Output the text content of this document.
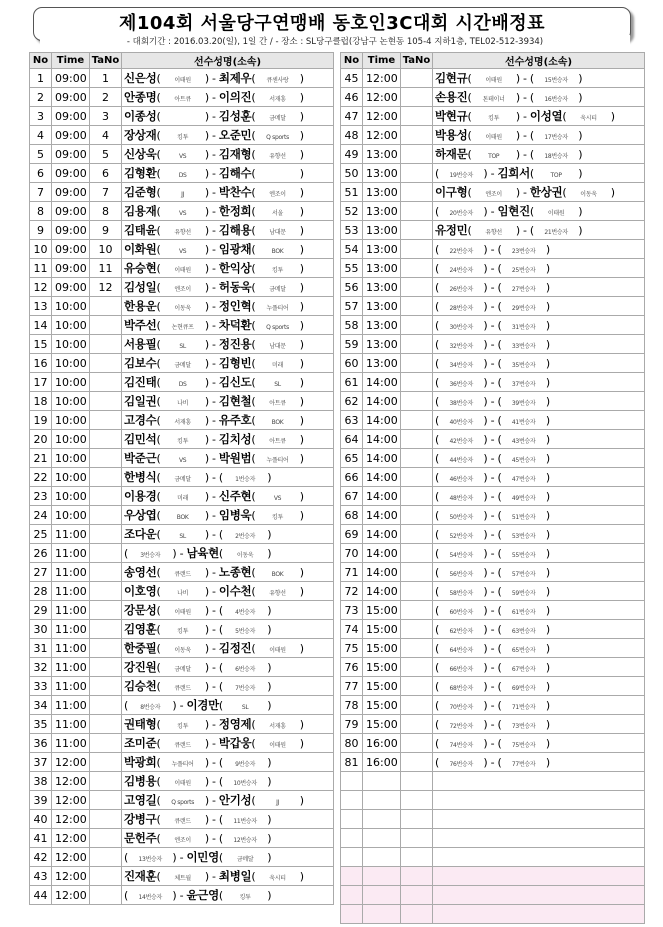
제104회 서울당구연맹배 동호인3C대회 시간배정표
- 대회기간 : 2016.03.20(일), 1일 간 / - 장소 : SL당구클럽(강남구 논현동 105-4 지하1층, TEL02-512-3934)
No	Time	TaNo	선수성명(소속)
1	09:00	1	신은성( 이태원 ) - 최제우( 큐센사랑 )
2	09:00	2	안종명( 아트큐 ) - 이의진( 서재흥 )
3	09:00	3	이종성( ) - 김성훈( 금메달 )
4	09:00	4	장상재( 킹투 ) - 오준민( Q sports )
5	09:00	5	신상욱( VS ) - 김재형( 유향선 )
6	09:00	6	김형환( DS ) - 김해수( )
7	09:00	7	김준형( JJ ) - 박찬수( 엔조이 )
8	09:00	8	김용재( VS ) - 한정희( 서울 )
9	09:00	9	김태윤( 유향선 ) - 김해용( 남대문 )
10	09:00	10	이화원( VS ) - 임광채( BOK )
11	09:00	11	유승현( 이태원 ) - 한익상( 킹투 )
12	09:00	12	김성일( 엔조이 ) - 허동욱( 금메달 )
13	10:00		한용운( 이동욱 ) - 정인혁( 누플티어 )
14	10:00		박주선( 논현큐프 ) - 차덕환( Q sports )
15	10:00		서용필( SL ) - 정진용( 남대문 )
16	10:00		김보수( 금메달 ) - 김형빈( 미래 )
17	10:00		김진태( DS ) - 김신도( SL )
18	10:00		김일권( 나비 ) - 김현철( 아트큐 )
19	10:00		고경수( 서재흥 ) - 유주호( BOK )
20	10:00		김민석( 킹투 ) - 김치성( 아트큐 )
21	10:00		박준근( VS ) - 박원범( 누플티어 )
22	10:00		한병식( 금메달 ) - ( 1번승자 )
23	10:00		이용경( 미래 ) - 신주현( VS )
24	10:00		우상엽( BOK ) - 임병욱( 킹투 )
25	11:00		조다운( SL ) - ( 2번승자 )
26	11:00		( 3번승자 ) - 남육현( 이동욱 )
27	11:00		송영선( 큐랜드 ) - 노종현( BOK )
28	11:00		이호영( 나비 ) - 이수천( 유향선 )
29	11:00		강문성( 이태원 ) - ( 4번승자 )
30	11:00		김영훈( 킹투 ) - ( 5번승자 )
31	11:00		한중필( 이동욱 ) - 김정진( 이태원 )
32	11:00		강진원( 금메달 ) - ( 6번승자 )
33	11:00		김승천( 큐랜드 ) - ( 7번승자 )
34	11:00		( 8번승자 ) - 이경만( SL )
35	11:00		권태형( 킹투 ) - 정영제( 서재흥 )
36	11:00		조미준( 큐랜드 ) - 박갑웅( 이태원 )
37	12:00		박광희( 누플티어 ) - ( 9번승자 )
38	12:00		김병용( 이태원 ) - ( 10번승자 )
39	12:00		고영길( Q sports ) - 안기성( JJ )
40	12:00		강병구( 큐랜드 ) - ( 11번승자 )
41	12:00		문헌주( 엔조이 ) - ( 12번승자 )
42	12:00		( 13번승자 ) - 이민영( 금메달 )
43	12:00		진재훈( 체트월 ) - 최병일( 욱시티 )
44	12:00		( 14번승자 ) - 윤근영( 킹투 )
No	Time	TaNo	선수성명(소속)
45	12:00		김현규( 이태원 ) - ( 15번승자 )
46	12:00		손용진( 톤테이너 ) - ( 16번승자 )
47	12:00		박현규( 킹투 ) - 이성열( 욱시티 )
48	12:00		박용성( 이태원 ) - ( 17번승자 )
49	13:00		하재문( TOP ) - ( 18번승자 )
50	13:00		( 19번승자 ) - 김희서( TOP )
51	13:00		이구형( 엔조이 ) - 한상권( 이동욱 )
52	13:00		( 20번승자 ) - 임현진( 이태원 )
53	13:00		유정민( 유향선 ) - ( 21번승자 )
54	13:00		( 22번승자 ) - ( 23번승자 )
55	13:00		( 24번승자 ) - ( 25번승자 )
56	13:00		( 26번승자 ) - ( 27번승자 )
57	13:00		( 28번승자 ) - ( 29번승자 )
58	13:00		( 30번승자 ) - ( 31번승자 )
59	13:00		( 32번승자 ) - ( 33번승자 )
60	13:00		( 34번승자 ) - ( 35번승자 )
61	14:00		( 36번승자 ) - ( 37번승자 )
62	14:00		( 38번승자 ) - ( 39번승자 )
63	14:00		( 40번승자 ) - ( 41번승자 )
64	14:00		( 42번승자 ) - ( 43번승자 )
65	14:00		( 44번승자 ) - ( 45번승자 )
66	14:00		( 46번승자 ) - ( 47번승자 )
67	14:00		( 48번승자 ) - ( 49번승자 )
68	14:00		( 50번승자 ) - ( 51번승자 )
69	14:00		( 52번승자 ) - ( 53번승자 )
70	14:00		( 54번승자 ) - ( 55번승자 )
71	14:00		( 56번승자 ) - ( 57번승자 )
72	14:00		( 58번승자 ) - ( 59번승자 )
73	15:00		( 60번승자 ) - ( 61번승자 )
74	15:00		( 62번승자 ) - ( 63번승자 )
75	15:00		( 64번승자 ) - ( 65번승자 )
76	15:00		( 66번승자 ) - ( 67번승자 )
77	15:00		( 68번승자 ) - ( 69번승자 )
78	15:00		( 70번승자 ) - ( 71번승자 )
79	15:00		( 72번승자 ) - ( 73번승자 )
80	16:00		( 74번승자 ) - ( 75번승자 )
81	16:00		( 76번승자 ) - ( 77번승자 )
